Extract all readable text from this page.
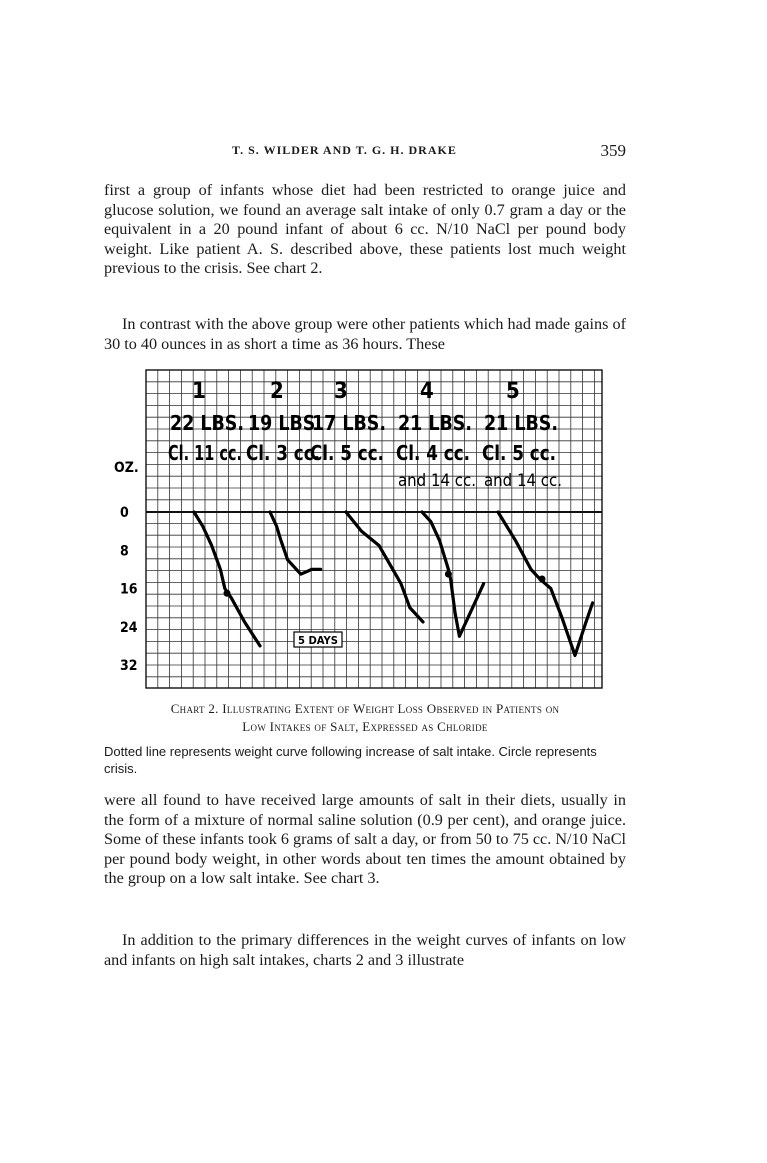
T. S. WILDER AND T. G. H. DRAKE	359

first a group of infants whose diet had been restricted to orange juice and glucose solution, we found an average salt intake of only 0.7 gram a day or the equivalent in a 20 pound infant of about 6 cc. N/10 NaCl per pound body weight. Like patient A. S. described above, these patients lost much weight previous to the crisis. See chart 2.

In contrast with the above group were other patients which had made gains of 30 to 40 ounces in as short a time as 36 hours. These

OZ.
0
8
16
24
32
1
22 LBS.
Cl. 11 cc.
2
19 LBS.
Cl. 3 cc.
3
17 LBS.
Cl. 5 cc.
4
21 LBS.
Cl. 4 cc.
and 14 cc.
5
21 LBS.
Cl. 5 cc.
and 14 cc.
5 DAYS
Chart 2. Illustrating Extent of Weight Loss Observed in Patients on
Low Intakes of Salt, Expressed as Chloride

Dotted line represents weight curve following increase of salt intake. Circle represents crisis.

were all found to have received large amounts of salt in their diets, usually in the form of a mixture of normal saline solution (0.9 per cent), and orange juice. Some of these infants took 6 grams of salt a day, or from 50 to 75 cc. N/10 NaCl per pound body weight, in other words about ten times the amount obtained by the group on a low salt intake. See chart 3.

In addition to the primary differences in the weight curves of infants on low and infants on high salt intakes, charts 2 and 3 illustrate
